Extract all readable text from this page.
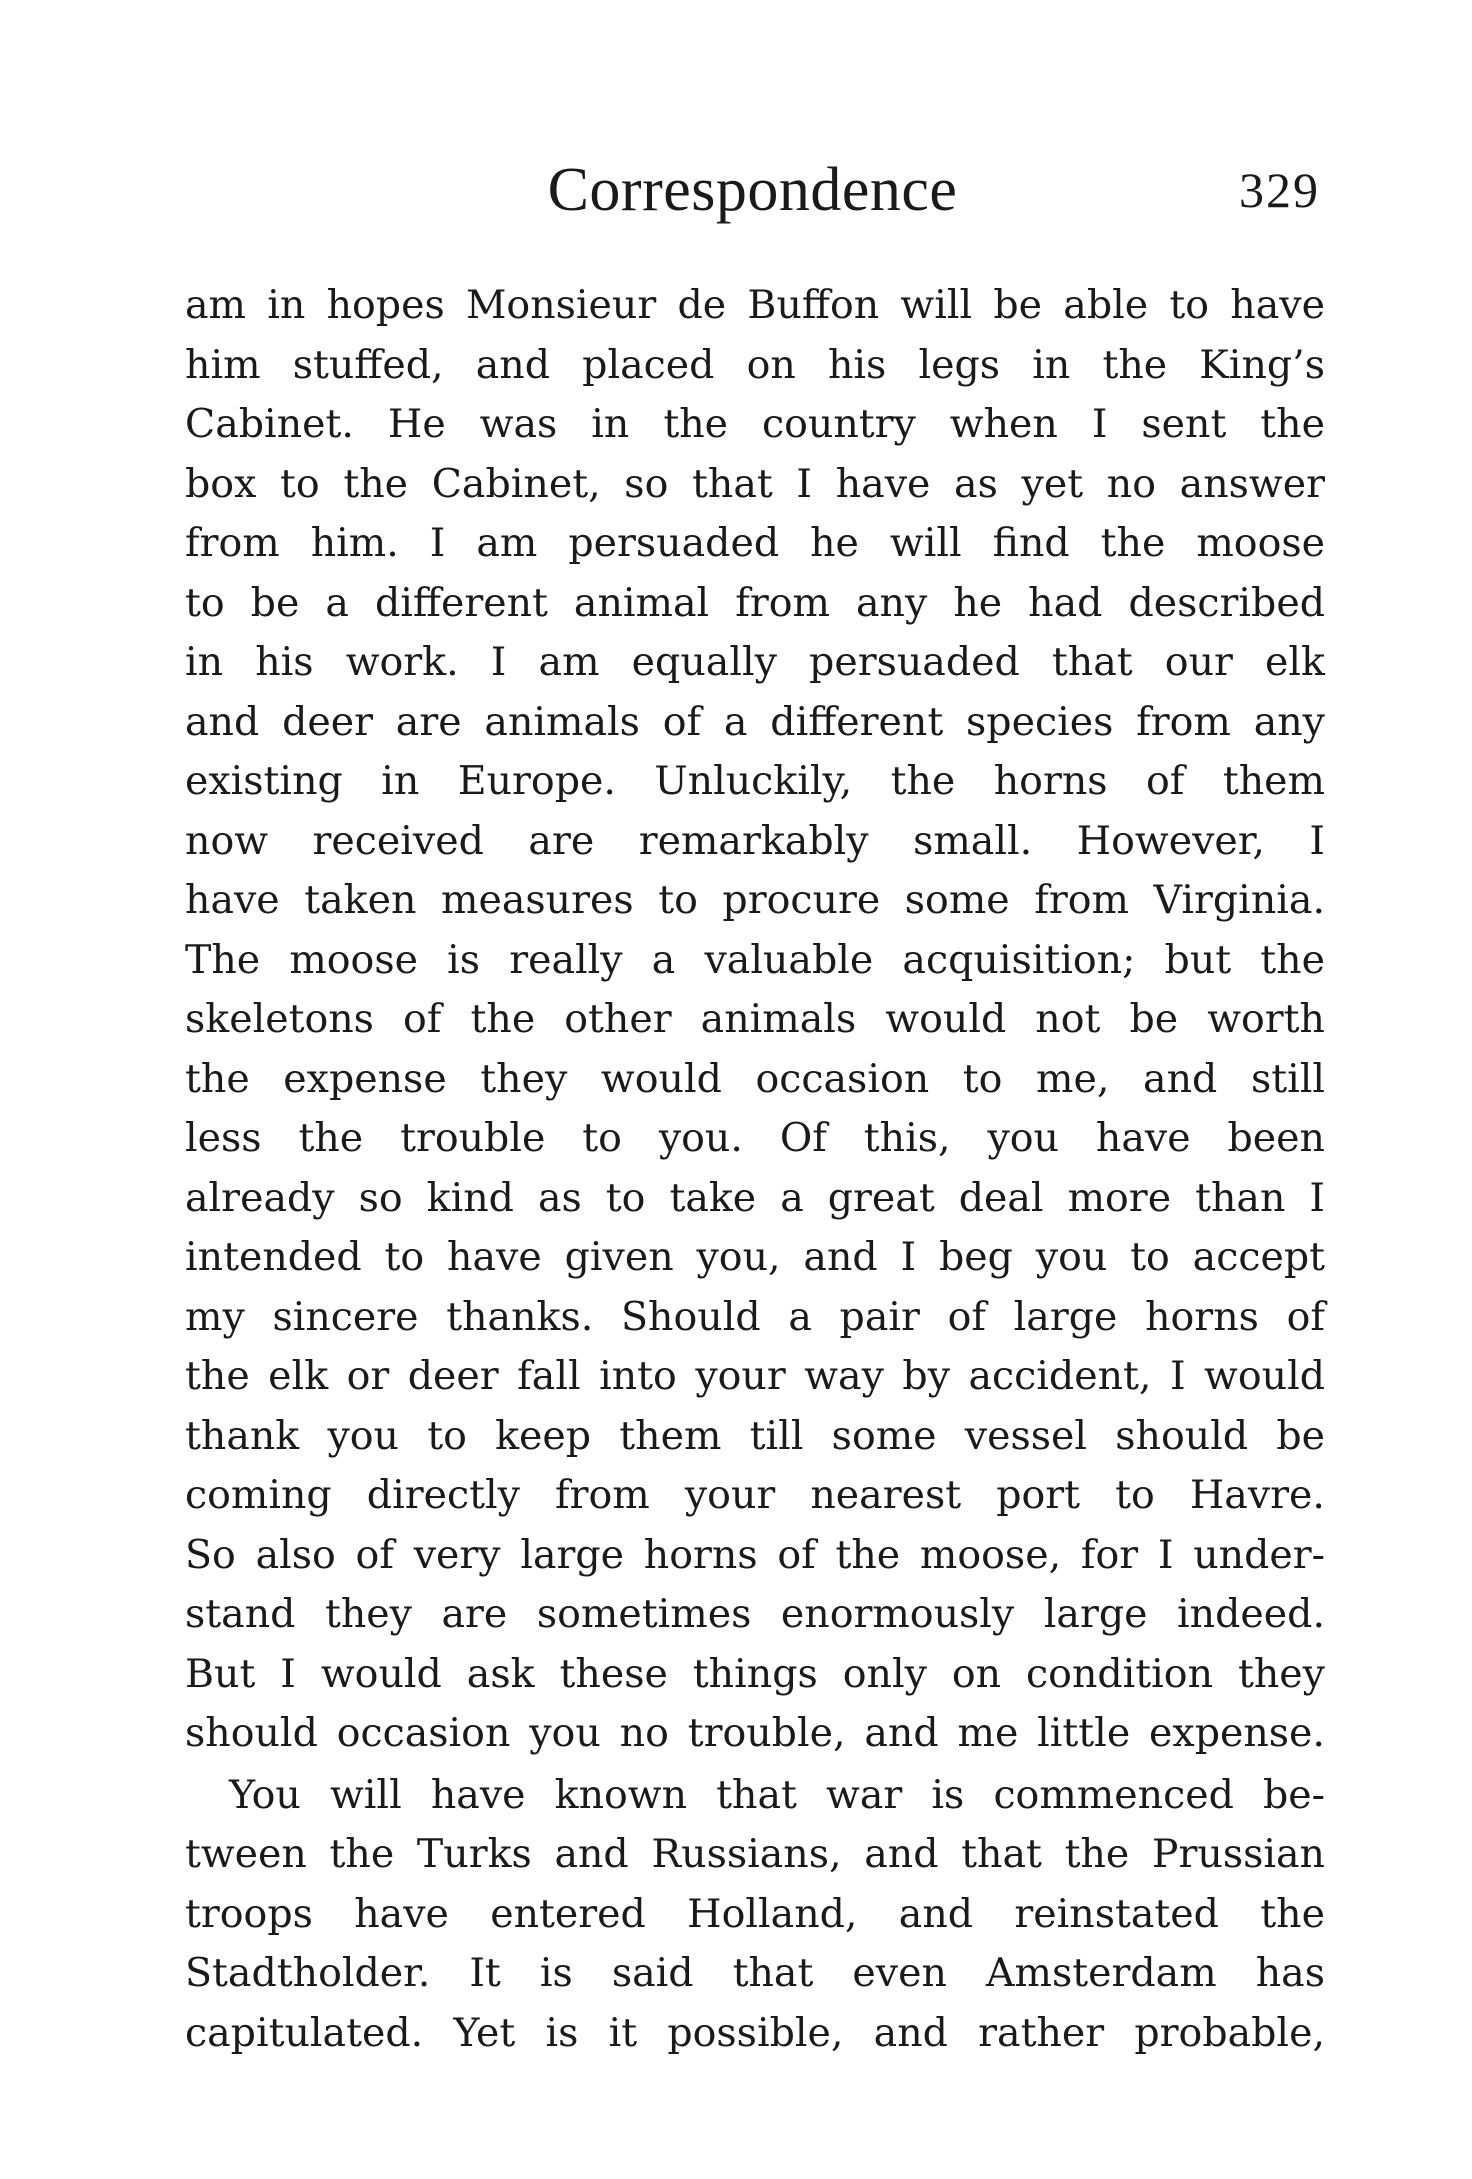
Correspondence	329
am in hopes Monsieur de Buffon will be able to have
him stuffed, and placed on his legs in the King’s
Cabinet. He was in the country when I sent the
box to the Cabinet, so that I have as yet no answer
from him. I am persuaded he will find the moose
to be a different animal from any he had described
in his work. I am equally persuaded that our elk
and deer are animals of a different species from any
existing in Europe. Unluckily, the horns of them
now received are remarkably small. However, I
have taken measures to procure some from Virginia.
The moose is really a valuable acquisition; but the
skeletons of the other animals would not be worth
the expense they would occasion to me, and still
less the trouble to you. Of this, you have been
already so kind as to take a great deal more than I
intended to have given you, and I beg you to accept
my sincere thanks. Should a pair of large horns of
the elk or deer fall into your way by accident, I would
thank you to keep them till some vessel should be
coming directly from your nearest port to Havre.
So also of very large horns of the moose, for I under-
stand they are sometimes enormously large indeed.
But I would ask these things only on condition they
should occasion you no trouble, and me little expense.
You will have known that war is commenced be-
tween the Turks and Russians, and that the Prussian
troops have entered Holland, and reinstated the
Stadtholder. It is said that even Amsterdam has
capitulated. Yet is it possible, and rather probable,
